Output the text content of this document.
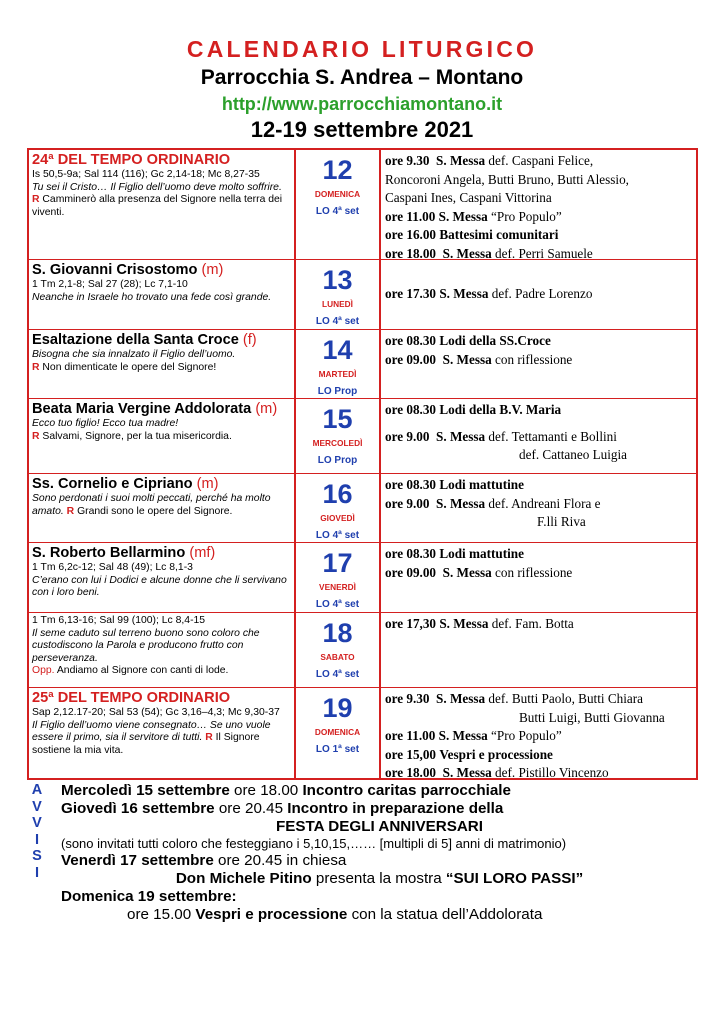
CALENDARIO LITURGICO
Parrocchia S. Andrea – Montano
http://www.parrocchiamontano.it
12-19 settembre 2021
24ª DEL TEMPO ORDINARIO
Is 50,5-9a; Sal 114 (116); Gc 2,14-18; Mc 8,27-35
Tu sei il Cristo… Il Figlio dell’uomo deve molto soffrire.
R Camminerò alla presenza del Signore nella terra dei viventi.
12
DOMENICA
LO 4ª set
ore 9.30 S. Messa def. Caspani Felice,
Roncoroni Angela, Butti Bruno, Butti Alessio,
Caspani Ines, Caspani Vittorina
ore 11.00 S. Messa “Pro Populo”
ore 16.00 Battesimi comunitari
ore 18.00 S. Messa def. Perri Samuele
S. Giovanni Crisostomo (m)
1 Tm 2,1-8; Sal 27 (28); Lc 7,1-10
Neanche in Israele ho trovato una fede così grande.
13
LUNEDÌ
LO 4ª set
ore 17.30 S. Messa def. Padre Lorenzo
Esaltazione della Santa Croce (f)
Bisogna che sia innalzato il Figlio dell’uomo.
R Non dimenticate le opere del Signore!
14
MARTEDÌ
LO Prop
ore 08.30 Lodi della SS.Croce
ore 09.00 S. Messa con riflessione
Beata Maria Vergine Addolorata (m)
Ecco tuo figlio! Ecco tua madre!
R Salvami, Signore, per la tua misericordia.
15
MERCOLEDÌ
LO Prop
ore 08.30 Lodi della B.V. Maria
ore 9.00 S. Messa def. Tettamanti e Bollini
def. Cattaneo Luigia
Ss. Cornelio e Cipriano (m)
Sono perdonati i suoi molti peccati, perché ha molto amato. R Grandi sono le opere del Signore.
16
GIOVEDÌ
LO 4ª set
ore 08.30 Lodi mattutine
ore 9.00 S. Messa def. Andreani Flora e
F.lli Riva
S. Roberto Bellarmino (mf)
1 Tm 6,2c-12; Sal 48 (49); Lc 8,1-3
C’erano con lui i Dodici e alcune donne che li servivano con i loro beni.
17
VENERDÌ
LO 4ª set
ore 08.30 Lodi mattutine
ore 09.00 S. Messa con riflessione
1 Tm 6,13-16; Sal 99 (100); Lc 8,4-15
Il seme caduto sul terreno buono sono coloro che custodiscono la Parola e producono frutto con perseveranza.
Opp. Andiamo al Signore con canti di lode.
18
SABATO
LO 4ª set
ore 17,30 S. Messa def. Fam. Botta
25ª DEL TEMPO ORDINARIO
Sap 2,12.17-20; Sal 53 (54); Gc 3,16–4,3; Mc 9,30-37
Il Figlio dell’uomo viene consegnato… Se uno vuole essere il primo, sia il servitore di tutti. R Il Signore sostiene la mia vita.
19
DOMENICA
LO 1ª set
ore 9.30 S. Messa def. Butti Paolo, Butti Chiara
Butti Luigi, Butti Giovanna
ore 11.00 S. Messa “Pro Populo”
ore 15,00 Vespri e processione
ore 18.00 S. Messa def. Pistillo Vincenzo
A
V
V
I
S
I
Mercoledì 15 settembre ore 18.00 Incontro caritas parrocchiale
Giovedì 16 settembre ore 20.45 Incontro in preparazione della
FESTA DEGLI ANNIVERSARI
(sono invitati tutti coloro che festeggiano i 5,10,15,…… [multipli di 5] anni di matrimonio)
Venerdì 17 settembre ore 20.45 in chiesa
Don Michele Pitino presenta la mostra “SUI LORO PASSI”
Domenica 19 settembre:
ore 15.00 Vespri e processione con la statua dell’Addolorata
